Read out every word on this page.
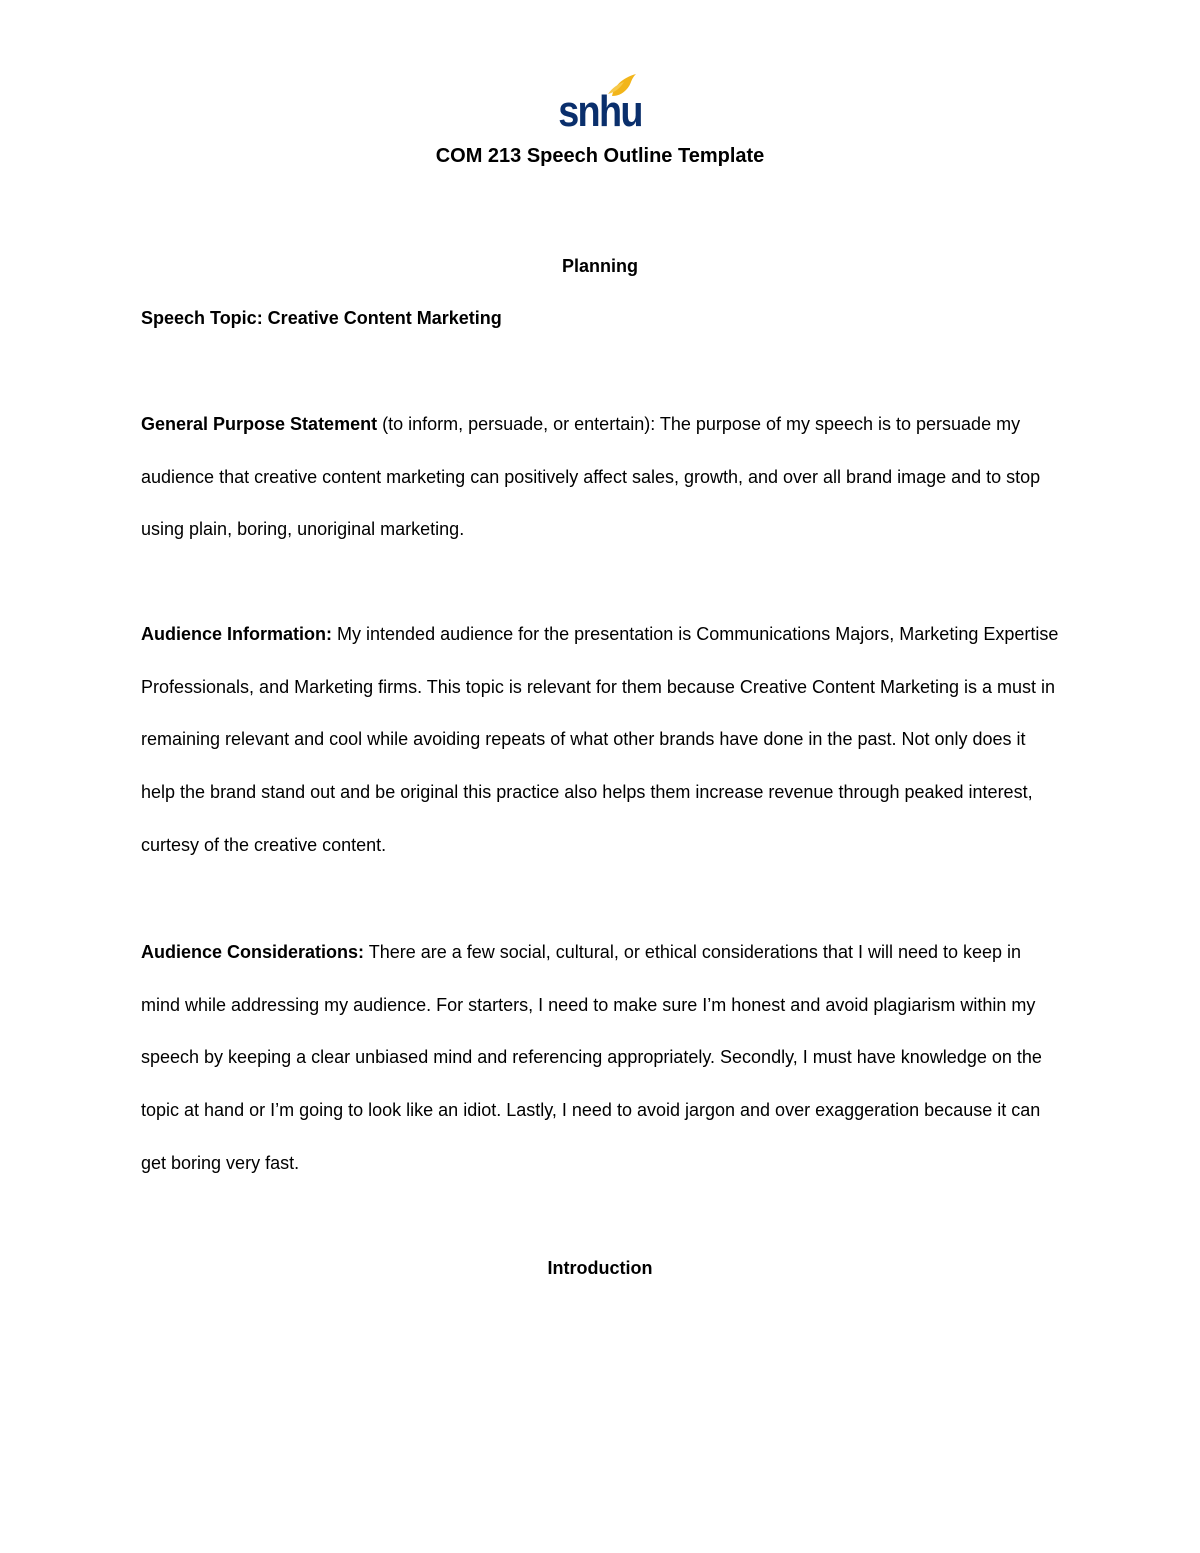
snhu
COM 213 Speech Outline Template
Planning

Speech Topic: Creative Content Marketing

General Purpose Statement (to inform, persuade, or entertain): The purpose of my speech is to persuade my audience that creative content marketing can positively affect sales, growth, and over all brand image and to stop using plain, boring, unoriginal marketing.

Audience Information: My intended audience for the presentation is Communications Majors, Marketing Expertise Professionals, and Marketing firms. This topic is relevant for them because Creative Content Marketing is a must in remaining relevant and cool while avoiding repeats of what other brands have done in the past. Not only does it help the brand stand out and be original this practice also helps them increase revenue through peaked interest, curtesy of the creative content.

Audience Considerations: There are a few social, cultural, or ethical considerations that I will need to keep in mind while addressing my audience. For starters, I need to make sure I’m honest and avoid plagiarism within my speech by keeping a clear unbiased mind and referencing appropriately. Secondly, I must have knowledge on the topic at hand or I’m going to look like an idiot. Lastly, I need to avoid jargon and over exaggeration because it can get boring very fast.

Introduction
